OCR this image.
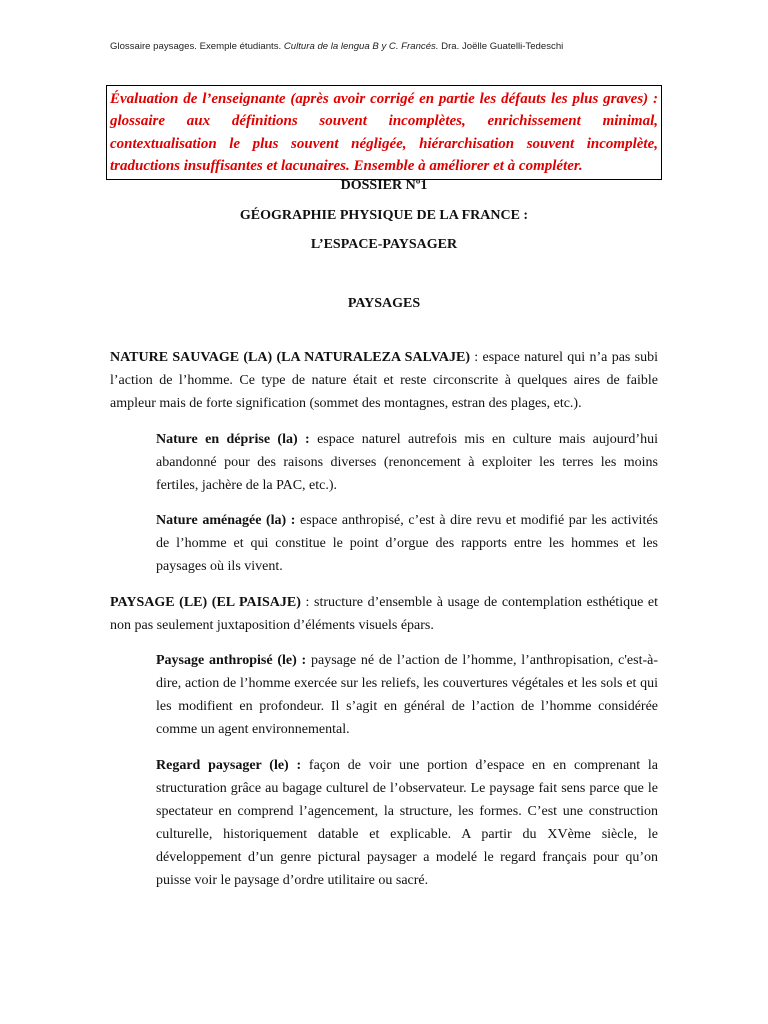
Glossaire paysages. Exemple étudiants. Cultura de la lengua B y C. Francés. Dra. Joëlle Guatelli-Tedeschi

Évaluation de l’enseignante (après avoir corrigé en partie les défauts les plus graves) : glossaire aux définitions souvent incomplètes, enrichissement minimal, contextualisation le plus souvent négligée, hiérarchisation souvent incomplète, traductions insuffisantes et lacunaires. Ensemble à améliorer et à compléter.

DOSSIER Nº1

GÉOGRAPHIE PHYSIQUE DE LA FRANCE :

L’ESPACE-PAYSAGER

PAYSAGES

NATURE SAUVAGE (LA) (LA NATURALEZA SALVAJE) : espace naturel qui n’a pas subi l’action de l’homme. Ce type de nature était et reste circonscrite à quelques aires de faible ampleur mais de forte signification (sommet des montagnes, estran des plages, etc.).

Nature en déprise (la) : espace naturel autrefois mis en culture mais aujourd’hui abandonné pour des raisons diverses (renoncement à exploiter les terres les moins fertiles, jachère de la PAC, etc.).

Nature aménagée (la) : espace anthropisé, c’est à dire revu et modifié par les activités de l’homme et qui constitue le point d’orgue des rapports entre les hommes et les paysages où ils vivent.

PAYSAGE (LE) (EL PAISAJE) : structure d’ensemble à usage de contemplation esthétique et non pas seulement juxtaposition d’éléments visuels épars.

Paysage anthropisé (le) : paysage né de l’action de l’homme, l’anthropisation, c'est-à-dire, action de l’homme exercée sur les reliefs, les couvertures végétales et les sols et qui les modifient en profondeur. Il s’agit en général de l’action de l’homme considérée comme un agent environnemental.

Regard paysager (le) : façon de voir une portion d’espace en en comprenant la structuration grâce au bagage culturel de l’observateur. Le paysage fait sens parce que le spectateur en comprend l’agencement, la structure, les formes. C’est une construction culturelle, historiquement datable et explicable. A partir du XVème siècle, le développement d’un genre pictural paysager a modelé le regard français pour qu’on puisse voir le paysage d’ordre utilitaire ou sacré.
